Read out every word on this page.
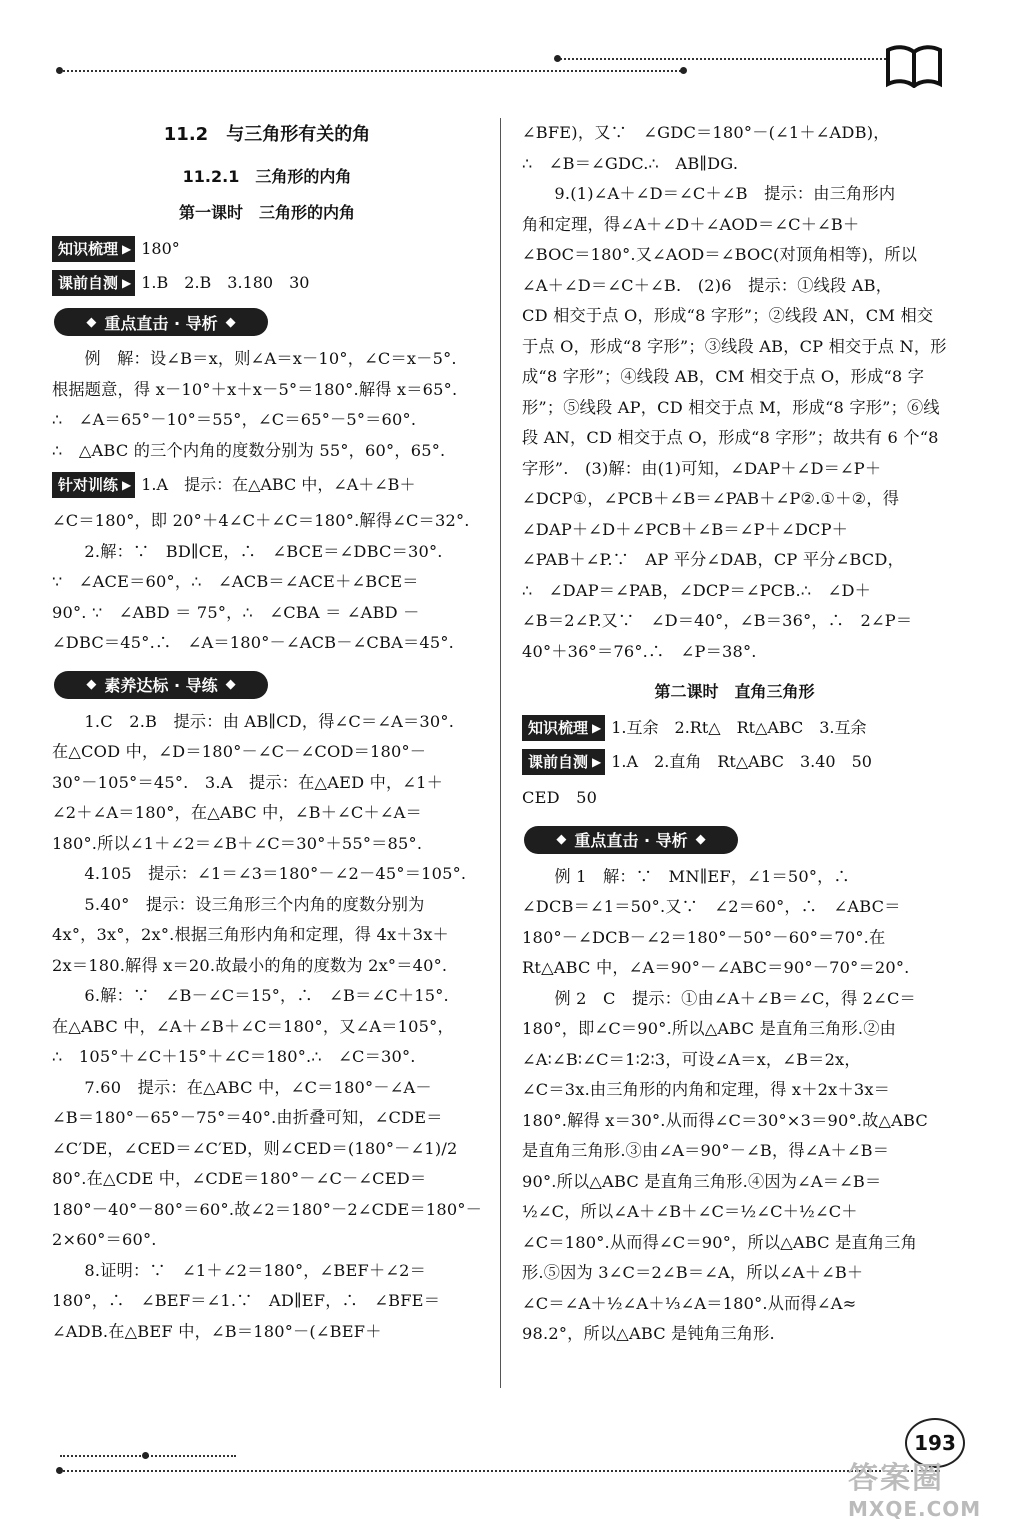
11.2　与三角形有关的角
11.2.1　三角形的内角
第一课时　三角形的内角
知识梳理 ▶ 180°
课前自测 ▶ 1.B　2.B　3.180　30
◆ 重点直击 · 导析 ◆

例　解：设∠B＝x，则∠A＝x－10°，∠C＝x－5°.

根据题意，得 x－10°＋x＋x－5°＝180°.解得 x＝65°.

∴　∠A＝65°－10°＝55°，∠C＝65°－5°＝60°.

∴　△ABC 的三个内角的度数分别为 55°，60°，65°.

针对训练 ▶ 1.A　提示：在△ABC 中，∠A＋∠B＋

∠C＝180°，即 20°＋4∠C＋∠C＝180°.解得∠C＝32°.

2.解：∵　BD∥CE，∴　∠BCE＝∠DBC＝30°.

∵　∠ACE＝60°，∴　∠ACB＝∠ACE＋∠BCE＝

90°. ∵　∠ABD ＝ 75°，∴　∠CBA ＝ ∠ABD －

∠DBC＝45°.∴　∠A＝180°－∠ACB－∠CBA＝45°.

◆ 素养达标 · 导练 ◆

1.C　2.B　提示：由 AB∥CD，得∠C＝∠A＝30°.

在△COD 中，∠D＝180°－∠C－∠COD＝180°－

30°－105°＝45°.　3.A　提示：在△AED 中，∠1＋

∠2＋∠A＝180°，在△ABC 中，∠B＋∠C＋∠A＝

180°.所以∠1＋∠2＝∠B＋∠C＝30°＋55°＝85°.

4.105　提示：∠1＝∠3＝180°－∠2－45°＝105°.

5.40°　提示：设三角形三个内角的度数分别为

4x°，3x°，2x°.根据三角形内角和定理，得 4x＋3x＋

2x＝180.解得 x＝20.故最小的角的度数为 2x°＝40°.

6.解：∵　∠B－∠C＝15°，∴　∠B＝∠C＋15°.

在△ABC 中，∠A＋∠B＋∠C＝180°，又∠A＝105°，

∴　105°＋∠C＋15°＋∠C＝180°.∴　∠C＝30°.

7.60　提示：在△ABC 中，∠C＝180°－∠A－

∠B＝180°－65°－75°＝40°.由折叠可知，∠CDE＝

∠C′DE，∠CED＝∠C′ED，则∠CED＝(180°－∠1)/2

80°.在△CDE 中，∠CDE＝180°－∠C－∠CED＝

180°－40°－80°＝60°.故∠2＝180°－2∠CDE＝180°－

2×60°＝60°.

8.证明：∵　∠1＋∠2＝180°，∠BEF＋∠2＝

180°，∴　∠BEF＝∠1.∵　AD∥EF，∴　∠BFE＝

∠ADB.在△BEF 中，∠B＝180°－(∠BEF＋

∠BFE)，又∵　∠GDC＝180°－(∠1＋∠ADB)，

∴　∠B＝∠GDC.∴　AB∥DG.

9.(1)∠A＋∠D＝∠C＋∠B　提示：由三角形内

角和定理，得∠A＋∠D＋∠AOD＝∠C＋∠B＋

∠BOC＝180°.又∠AOD＝∠BOC(对顶角相等)，所以

∠A＋∠D＝∠C＋∠B.　(2)6　提示：①线段 AB，

CD 相交于点 O，形成“8 字形”；②线段 AN，CM 相交

于点 O，形成“8 字形”；③线段 AB，CP 相交于点 N，形

成“8 字形”；④线段 AB，CM 相交于点 O，形成“8 字

形”；⑤线段 AP，CD 相交于点 M，形成“8 字形”；⑥线

段 AN，CD 相交于点 O，形成“8 字形”；故共有 6 个“8

字形”.　(3)解：由(1)可知，∠DAP＋∠D＝∠P＋

∠DCP①，∠PCB＋∠B＝∠PAB＋∠P②.①＋②，得

∠DAP＋∠D＋∠PCB＋∠B＝∠P＋∠DCP＋

∠PAB＋∠P.∵　AP 平分∠DAB，CP 平分∠BCD，

∴　∠DAP＝∠PAB，∠DCP＝∠PCB.∴　∠D＋

∠B＝2∠P.又∵　∠D＝40°，∠B＝36°，∴　2∠P＝

40°＋36°＝76°.∴　∠P＝38°.

第二课时　直角三角形
知识梳理 ▶ 1.互余　2.Rt△　Rt△ABC　3.互余
课前自测 ▶ 1.A　2.直角　Rt△ABC　3.40　50

CED　50

◆ 重点直击 · 导析 ◆

例 1　解：∵　MN∥EF，∠1＝50°，∴

∠DCB＝∠1＝50°.又∵　∠2＝60°，∴　∠ABC＝

180°－∠DCB－∠2＝180°－50°－60°＝70°.在

Rt△ABC 中，∠A＝90°－∠ABC＝90°－70°＝20°.

例 2　C　提示：①由∠A＋∠B＝∠C，得 2∠C＝

180°，即∠C＝90°.所以△ABC 是直角三角形.②由

∠A∶∠B∶∠C＝1∶2∶3，可设∠A＝x，∠B＝2x，

∠C＝3x.由三角形的内角和定理，得 x＋2x＋3x＝

180°.解得 x＝30°.从而得∠C＝30°×3＝90°.故△ABC

是直角三角形.③由∠A＝90°－∠B，得∠A＋∠B＝

90°.所以△ABC 是直角三角形.④因为∠A＝∠B＝

½∠C，所以∠A＋∠B＋∠C＝½∠C＋½∠C＋

∠C＝180°.从而得∠C＝90°，所以△ABC 是直角三角

形.⑤因为 3∠C＝2∠B＝∠A，所以∠A＋∠B＋

∠C＝∠A＋½∠A＋⅓∠A＝180°.从而得∠A≈

98.2°，所以△ABC 是钝角三角形.

193
答案圈
MXQE.COM
